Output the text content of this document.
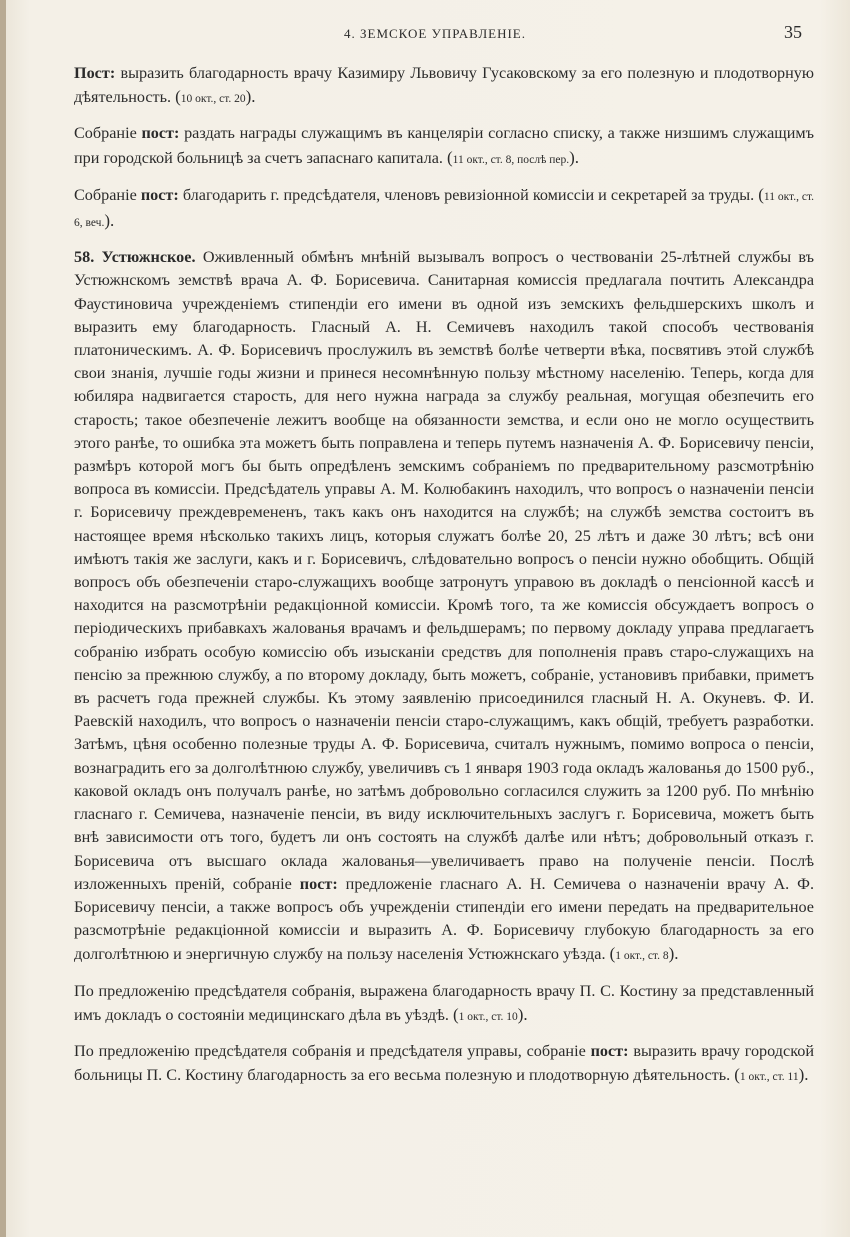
4. ЗЕМСКОЕ УПРАВЛЕНIЕ.	35

Пост: выразить благодарность врачу Казимиру Львовичу Гусаковскому за его полезную и плодотворную дѣятельность. (10 окт., ст. 20).

Собранiе пост: раздать награды служащимъ въ канцелярiи согласно списку, а также низшимъ служащимъ при городской больницѣ за счетъ запаснаго капитала. (11 окт., ст. 8, послѣ пер.).

Собранiе пост: благодарить г. предсѣдателя, членовъ ревизiонной комиссiи и секретарей за труды. (11 окт., ст. 6, веч.).

58. Устюжнское. Оживленный обмѣнъ мнѣнiй вызывалъ вопросъ о чествованiи 25-лѣтней службы въ Устюжнскомъ земствѣ врача А. Ф. Борисевича. Санитарная комиссiя предлагала почтить Александра Фаустиновича учрежденiемъ стипендiи его имени въ одной изъ земскихъ фельдшерскихъ школъ и выразить ему благодарность. Гласный А. Н. Семичевъ находилъ такой способъ чествованiя платоническимъ. А. Ф. Борисевичъ прослужилъ въ земствѣ болѣе четверти вѣка, посвятивъ этой службѣ свои знанiя, лучшiе годы жизни и принеся несомнѣнную пользу мѣстному населенiю. Теперь, когда для юбиляра надвигается старость, для него нужна награда за службу реальная, могущая обезпечить его старость; такое обезпеченiе лежитъ вообще на обязанности земства, и если оно не могло осуществить этого ранѣе, то ошибка эта можетъ быть поправлена и теперь путемъ назначенiя А. Ф. Борисевичу пенсiи, размѣръ которой могъ бы быть опредѣленъ земскимъ собранiемъ по предварительному разсмотрѣнiю вопроса въ комиссiи. Предсѣдатель управы А. М. Колюбакинъ находилъ, что вопросъ о назначенiи пенсiи г. Борисевичу преждевремененъ, такъ какъ онъ находится на службѣ; на службѣ земства состоитъ въ настоящее время нѣсколько такихъ лицъ, которыя служатъ болѣе 20, 25 лѣтъ и даже 30 лѣтъ; всѣ они имѣютъ такiя же заслуги, какъ и г. Борисевичъ, слѣдовательно вопросъ о пенсiи нужно обобщить. Общiй вопросъ объ обезпеченiи старо-служащихъ вообще затронутъ управою въ докладѣ о пенсiонной кассѣ и находится на разсмотрѣнiи редакцiонной комиссiи. Кромѣ того, та же комиссiя обсуждаетъ вопросъ о перiодическихъ прибавкахъ жалованья врачамъ и фельдшерамъ; по первому докладу управа предлагаетъ собранiю избрать особую комиссiю объ изысканiи средствъ для пополненiя правъ старо-служащихъ на пенсiю за прежнюю службу, а по второму докладу, быть можетъ, собранiе, установивъ прибавки, приметъ въ расчетъ года прежней службы. Къ этому заявленiю присоединился гласный Н. А. Окуневъ. Ф. И. Раевскiй находилъ, что вопросъ о назначенiи пенсiи старо-служащимъ, какъ общiй, требуетъ разработки. Затѣмъ, цѣня особенно полезные труды А. Ф. Борисевича, считалъ нужнымъ, помимо вопроса о пенсiи, вознаградить его за долголѣтнюю службу, увеличивъ съ 1 января 1903 года окладъ жалованья до 1500 руб., каковой окладъ онъ получалъ ранѣе, но затѣмъ добровольно согласился служить за 1200 руб. По мнѣнiю гласнаго г. Семичева, назначенiе пенсiи, въ виду исключительныхъ заслугъ г. Борисевича, можетъ быть внѣ зависимости отъ того, будетъ ли онъ состоять на службѣ далѣе или нѣтъ; добровольный отказъ г. Борисевича отъ высшаго оклада жалованья—увеличиваетъ право на полученiе пенсiи. Послѣ изложенныхъ пренiй, собранiе пост: предложенiе гласнаго А. Н. Семичева о назначенiи врачу А. Ф. Борисевичу пенсiи, а также вопросъ объ учрежденiи стипендiи его имени передать на предварительное разсмотрѣнiе редакцiонной комиссiи и выразить А. Ф. Борисевичу глубокую благодарность за его долголѣтнюю и энергичную службу на пользу населенiя Устюжнскаго уѣзда. (1 окт., ст. 8).

По предложенiю предсѣдателя собранiя, выражена благодарность врачу П. С. Костину за представленный имъ докладъ о состоянiи медицинскаго дѣла въ уѣздѣ. (1 окт., ст. 10).

По предложенiю предсѣдателя собранiя и предсѣдателя управы, собранiе пост: выразить врачу городской больницы П. С. Костину благодарность за его весьма полезную и плодотворную дѣятельность. (1 окт., ст. 11).
